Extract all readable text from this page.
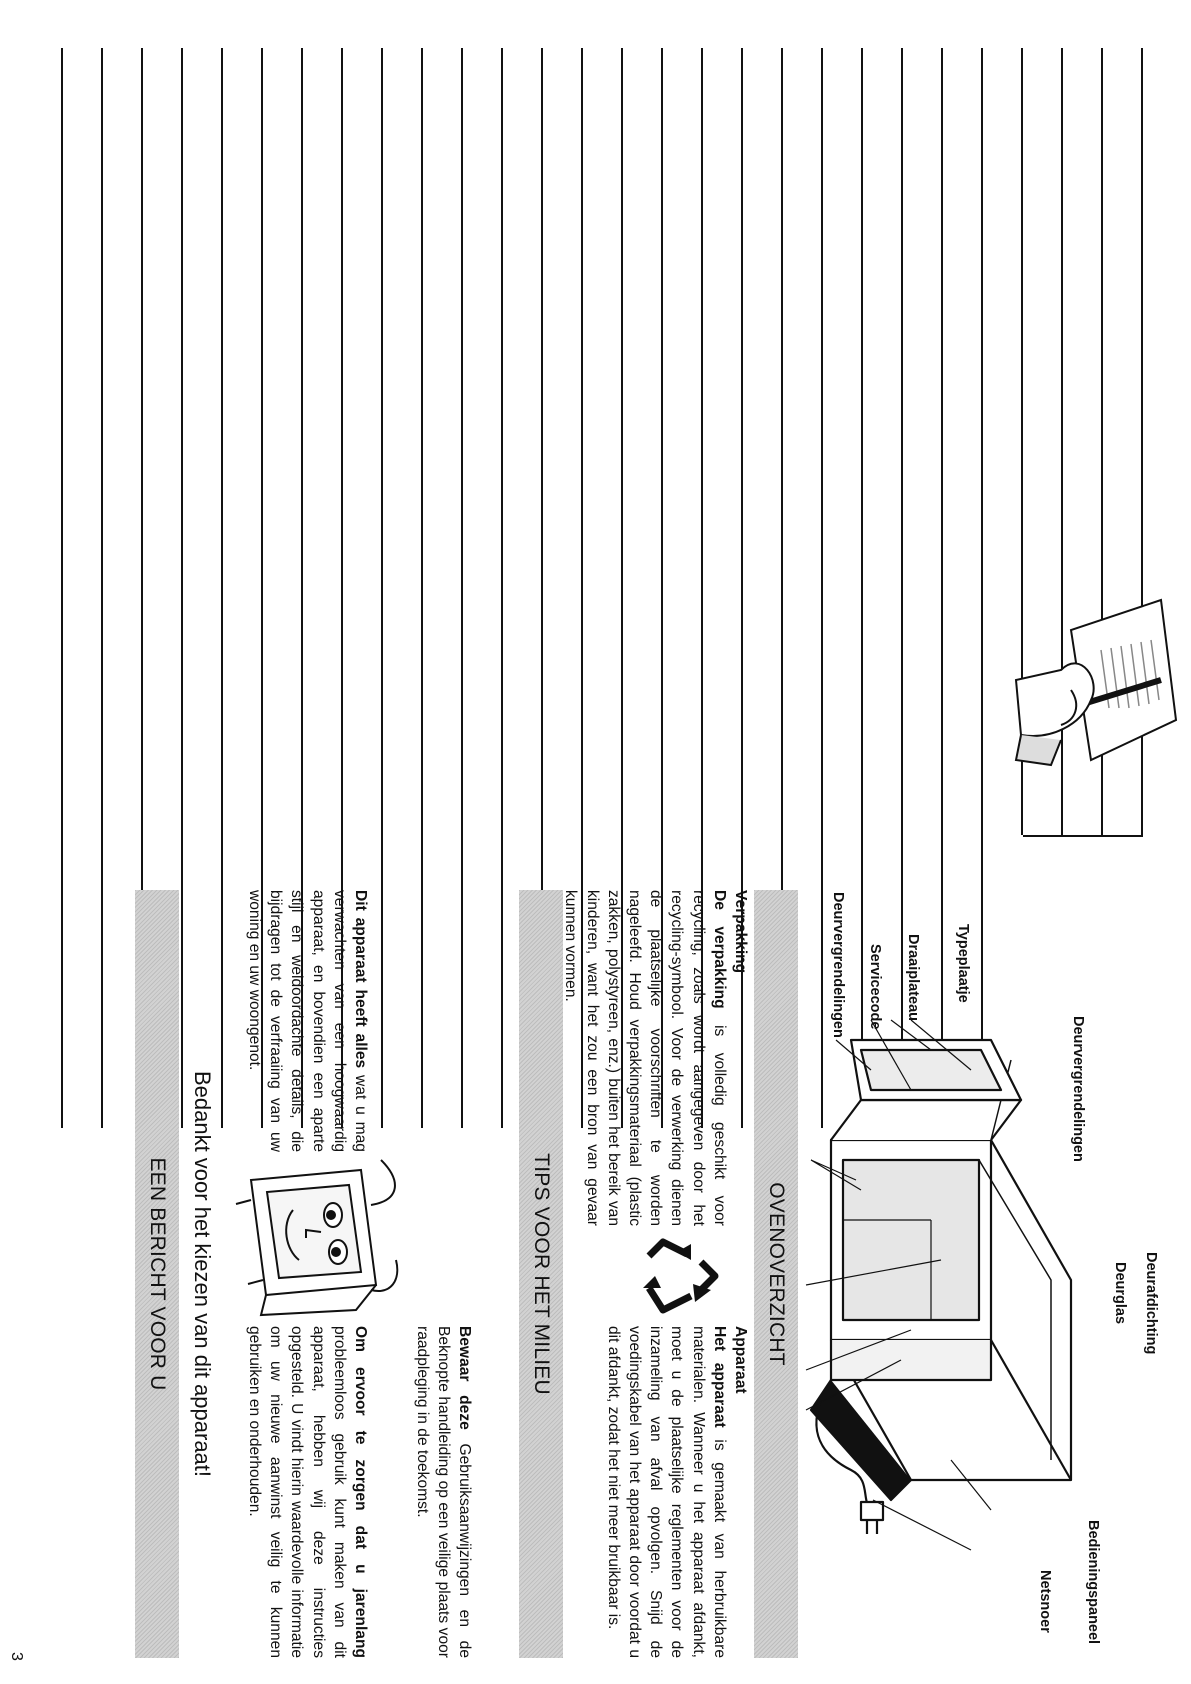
EEN BERICHT VOOR U Bedankt voor het kiezen van dit apparaat!
Dit apparaat heeft alles wat u mag verwachten van een hoogwaardig apparaat, en bovendien een aparte stijl en weldoordachte details, die bijdragen tot de verfraaiing van uw woning en uw woongenot.
Om ervoor te zorgen dat u jarenlang probleemloos gebruik kunt maken van dit apparaat, hebben wij deze instructies opgesteld. U vindt hierin waardevolle informatie om uw nieuwe aanwinst veilig te kunnen gebruiken en onderhouden.	Bewaar deze Gebruiksaanwijzingen en de Beknopte handleiding op een veilige plaats voor raadpleging in de toekomst.
TIPS VOOR HET MILIEU
Verpakking
De verpakking is volledig geschikt voor recycling, zoals wordt aangegeven door het recycling-symbool. Voor de verwerking dienen de plaatselijke voorschriften te worden nageleefd. Houd verpakkingsmateriaal (plastic zakken, polystyreen, enz.) buiten het bereik van kinderen, want het zou een bron van gevaar kunnen vormen.
Apparaat
Het apparaat is gemaakt van herbruikbare materialen. Wanneer u het apparaat afdankt, moet u de plaatselijke reglementen voor de inzameling van afval opvolgen. Snijd de voedingskabel van het apparaat door voordat u dit afdankt, zodat het niet meer bruikbaar is.
OVENOVERZICHT
Deurvergrendelingen Servicecode Draaiplateau Typeplaatje
Deurvergrendelingen
Deurglas Deurafdichting
Bedieningspaneel
Netsnoer
3
